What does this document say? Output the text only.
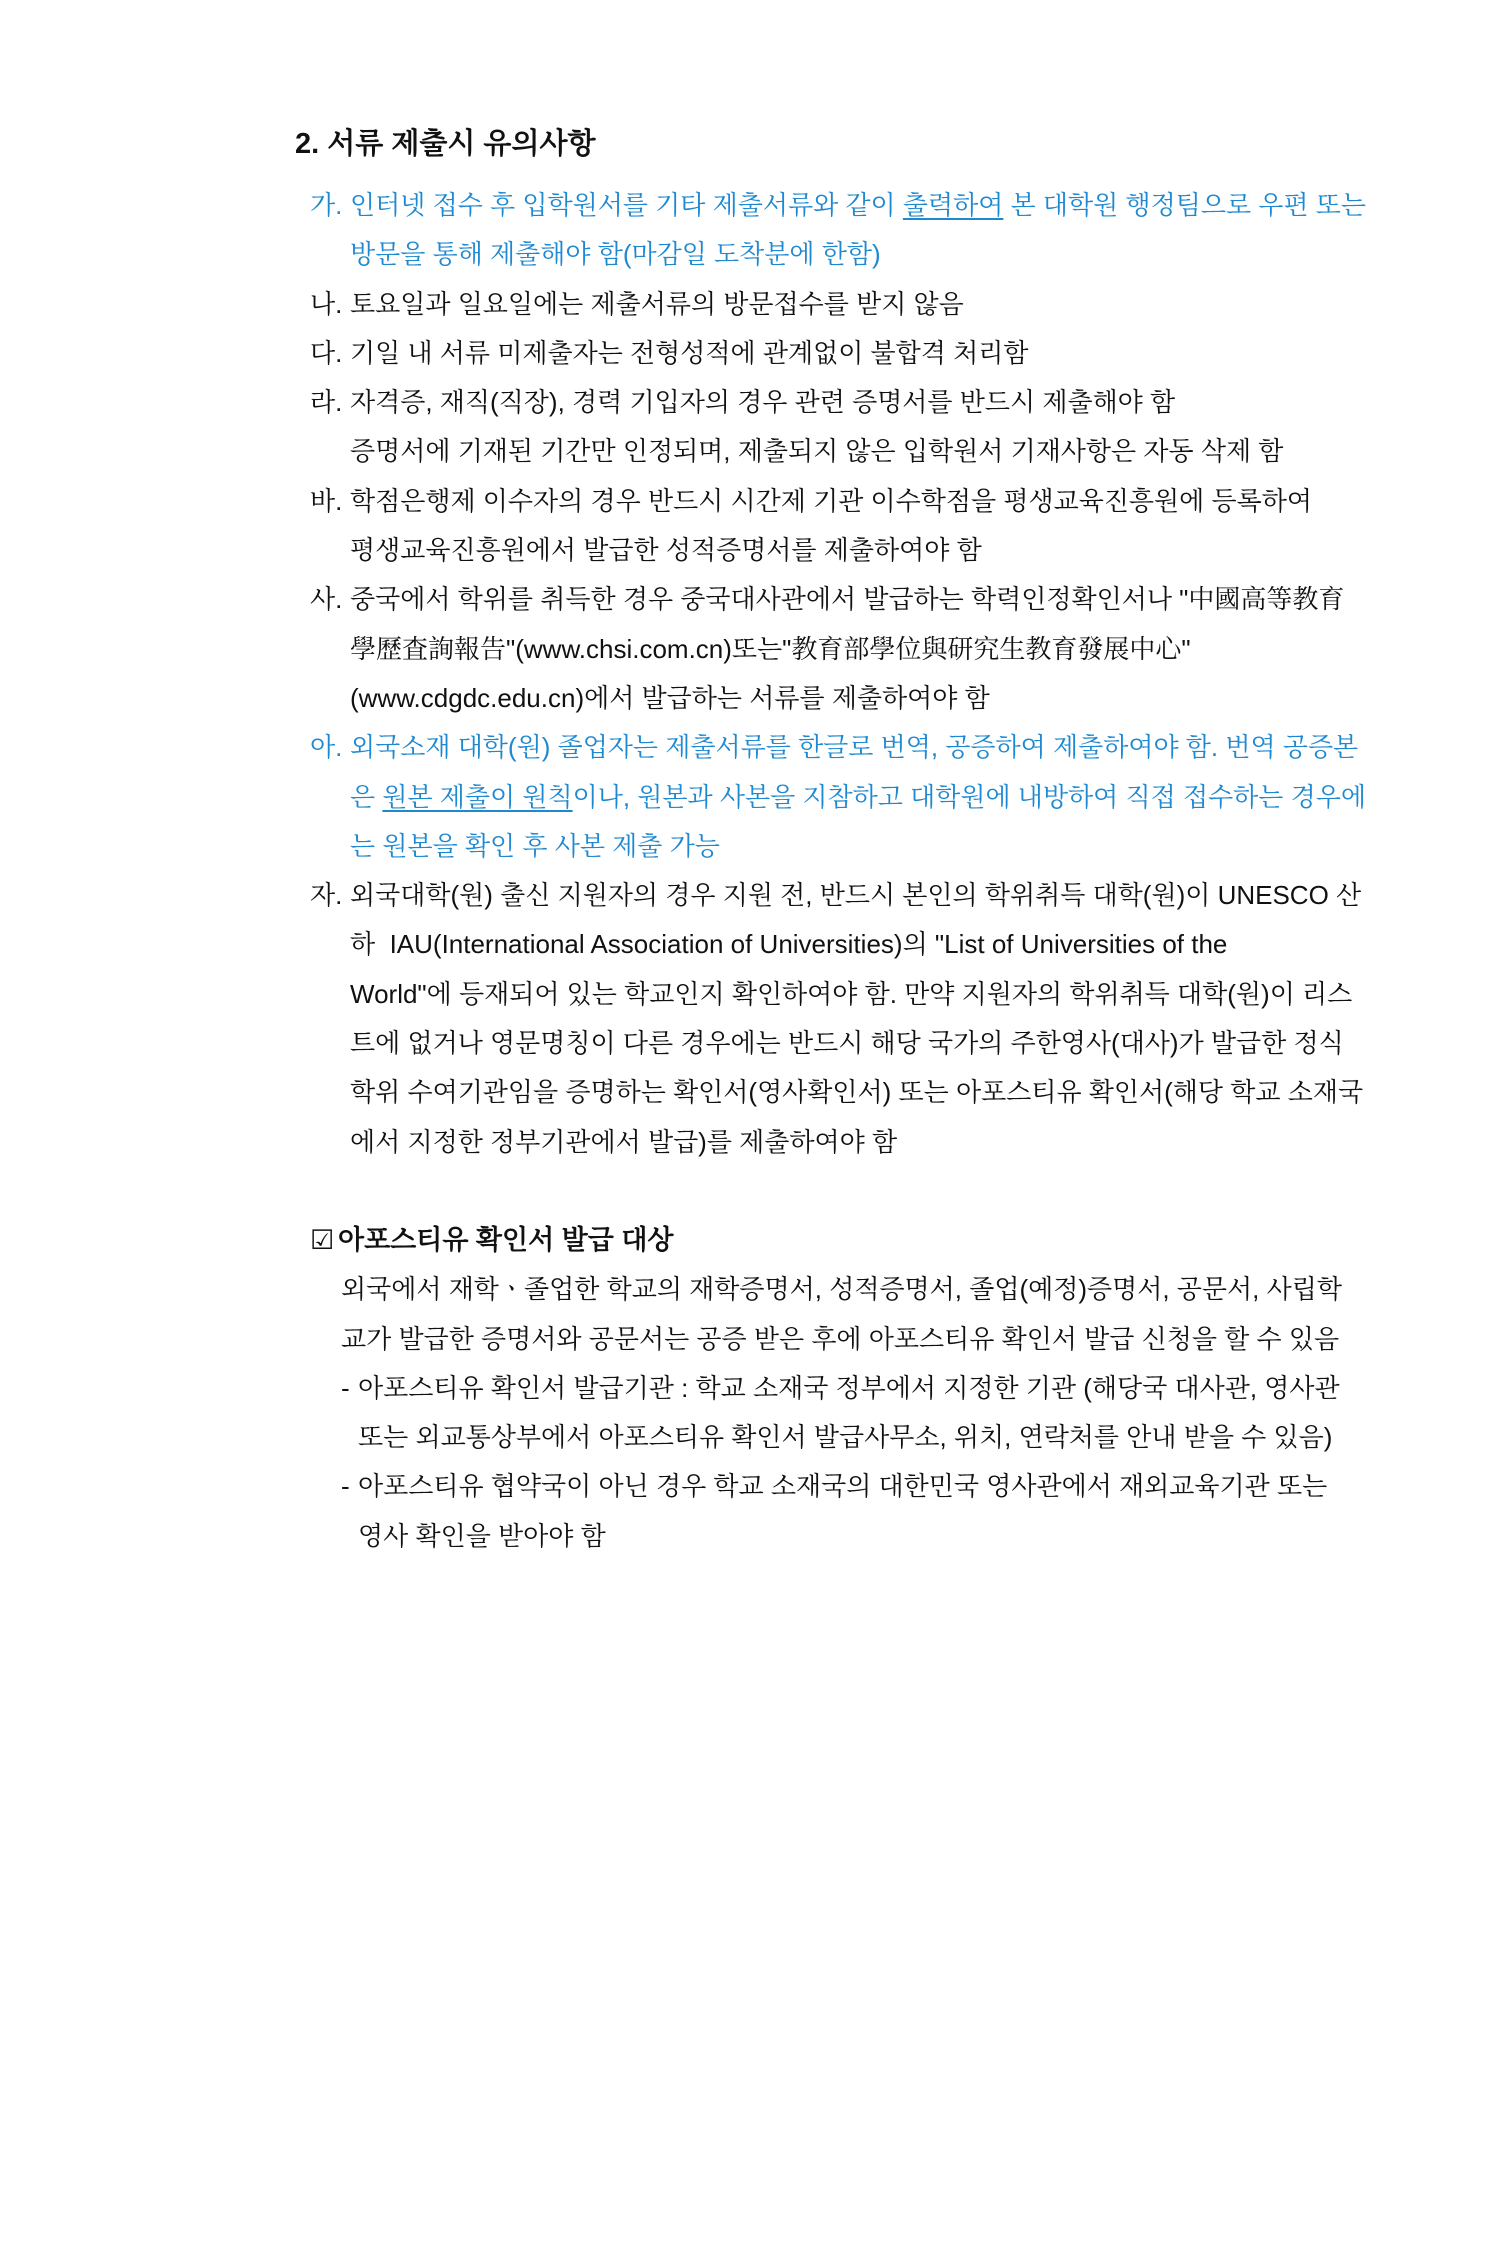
2. 서류 제출시 유의사항
가. 인터넷 접수 후 입학원서를 기타 제출서류와 같이 출력하여 본 대학원 행정팀으로 우편 또는
방문을 통해 제출해야 함(마감일 도착분에 한함)
나. 토요일과 일요일에는 제출서류의 방문접수를 받지 않음
다. 기일 내 서류 미제출자는 전형성적에 관계없이 불합격 처리함
라. 자격증, 재직(직장), 경력 기입자의 경우 관련 증명서를 반드시 제출해야 함
증명서에 기재된 기간만 인정되며, 제출되지 않은 입학원서 기재사항은 자동 삭제 함
바. 학점은행제 이수자의 경우 반드시 시간제 기관 이수학점을 평생교육진흥원에 등록하여
평생교육진흥원에서 발급한 성적증명서를 제출하여야 함
사. 중국에서 학위를 취득한 경우 중국대사관에서 발급하는 학력인정확인서나 "中國高等教育
學歷査詢報告"(www.chsi.com.cn)또는"教育部學位與研究生教育發展中心"
(www.cdgdc.edu.cn)에서 발급하는 서류를 제출하여야 함
아. 외국소재 대학(원) 졸업자는 제출서류를 한글로 번역, 공증하여 제출하여야 함. 번역 공증본
은 원본 제출이 원칙이나, 원본과 사본을 지참하고 대학원에 내방하여 직접 접수하는 경우에
는 원본을 확인 후 사본 제출 가능
자. 외국대학(원) 출신 지원자의 경우 지원 전, 반드시 본인의 학위취득 대학(원)이 UNESCO 산
하  IAU(International Association of Universities)의 "List of Universities of the
World"에 등재되어 있는 학교인지 확인하여야 함. 만약 지원자의 학위취득 대학(원)이 리스
트에 없거나 영문명칭이 다른 경우에는 반드시 해당 국가의 주한영사(대사)가 발급한 정식
학위 수여기관임을 증명하는 확인서(영사확인서) 또는 아포스티유 확인서(해당 학교 소재국
에서 지정한 정부기관에서 발급)를 제출하여야 함
☑ 아포스티유 확인서 발급 대상
외국에서 재학ㆍ졸업한 학교의 재학증명서, 성적증명서, 졸업(예정)증명서, 공문서, 사립학
교가 발급한 증명서와 공문서는 공증 받은 후에 아포스티유 확인서 발급 신청을 할 수 있음
- 아포스티유 확인서 발급기관 : 학교 소재국 정부에서 지정한 기관 (해당국 대사관, 영사관
또는 외교통상부에서 아포스티유 확인서 발급사무소, 위치, 연락처를 안내 받을 수 있음)
- 아포스티유 협약국이 아닌 경우 학교 소재국의 대한민국 영사관에서 재외교육기관 또는
영사 확인을 받아야 함
